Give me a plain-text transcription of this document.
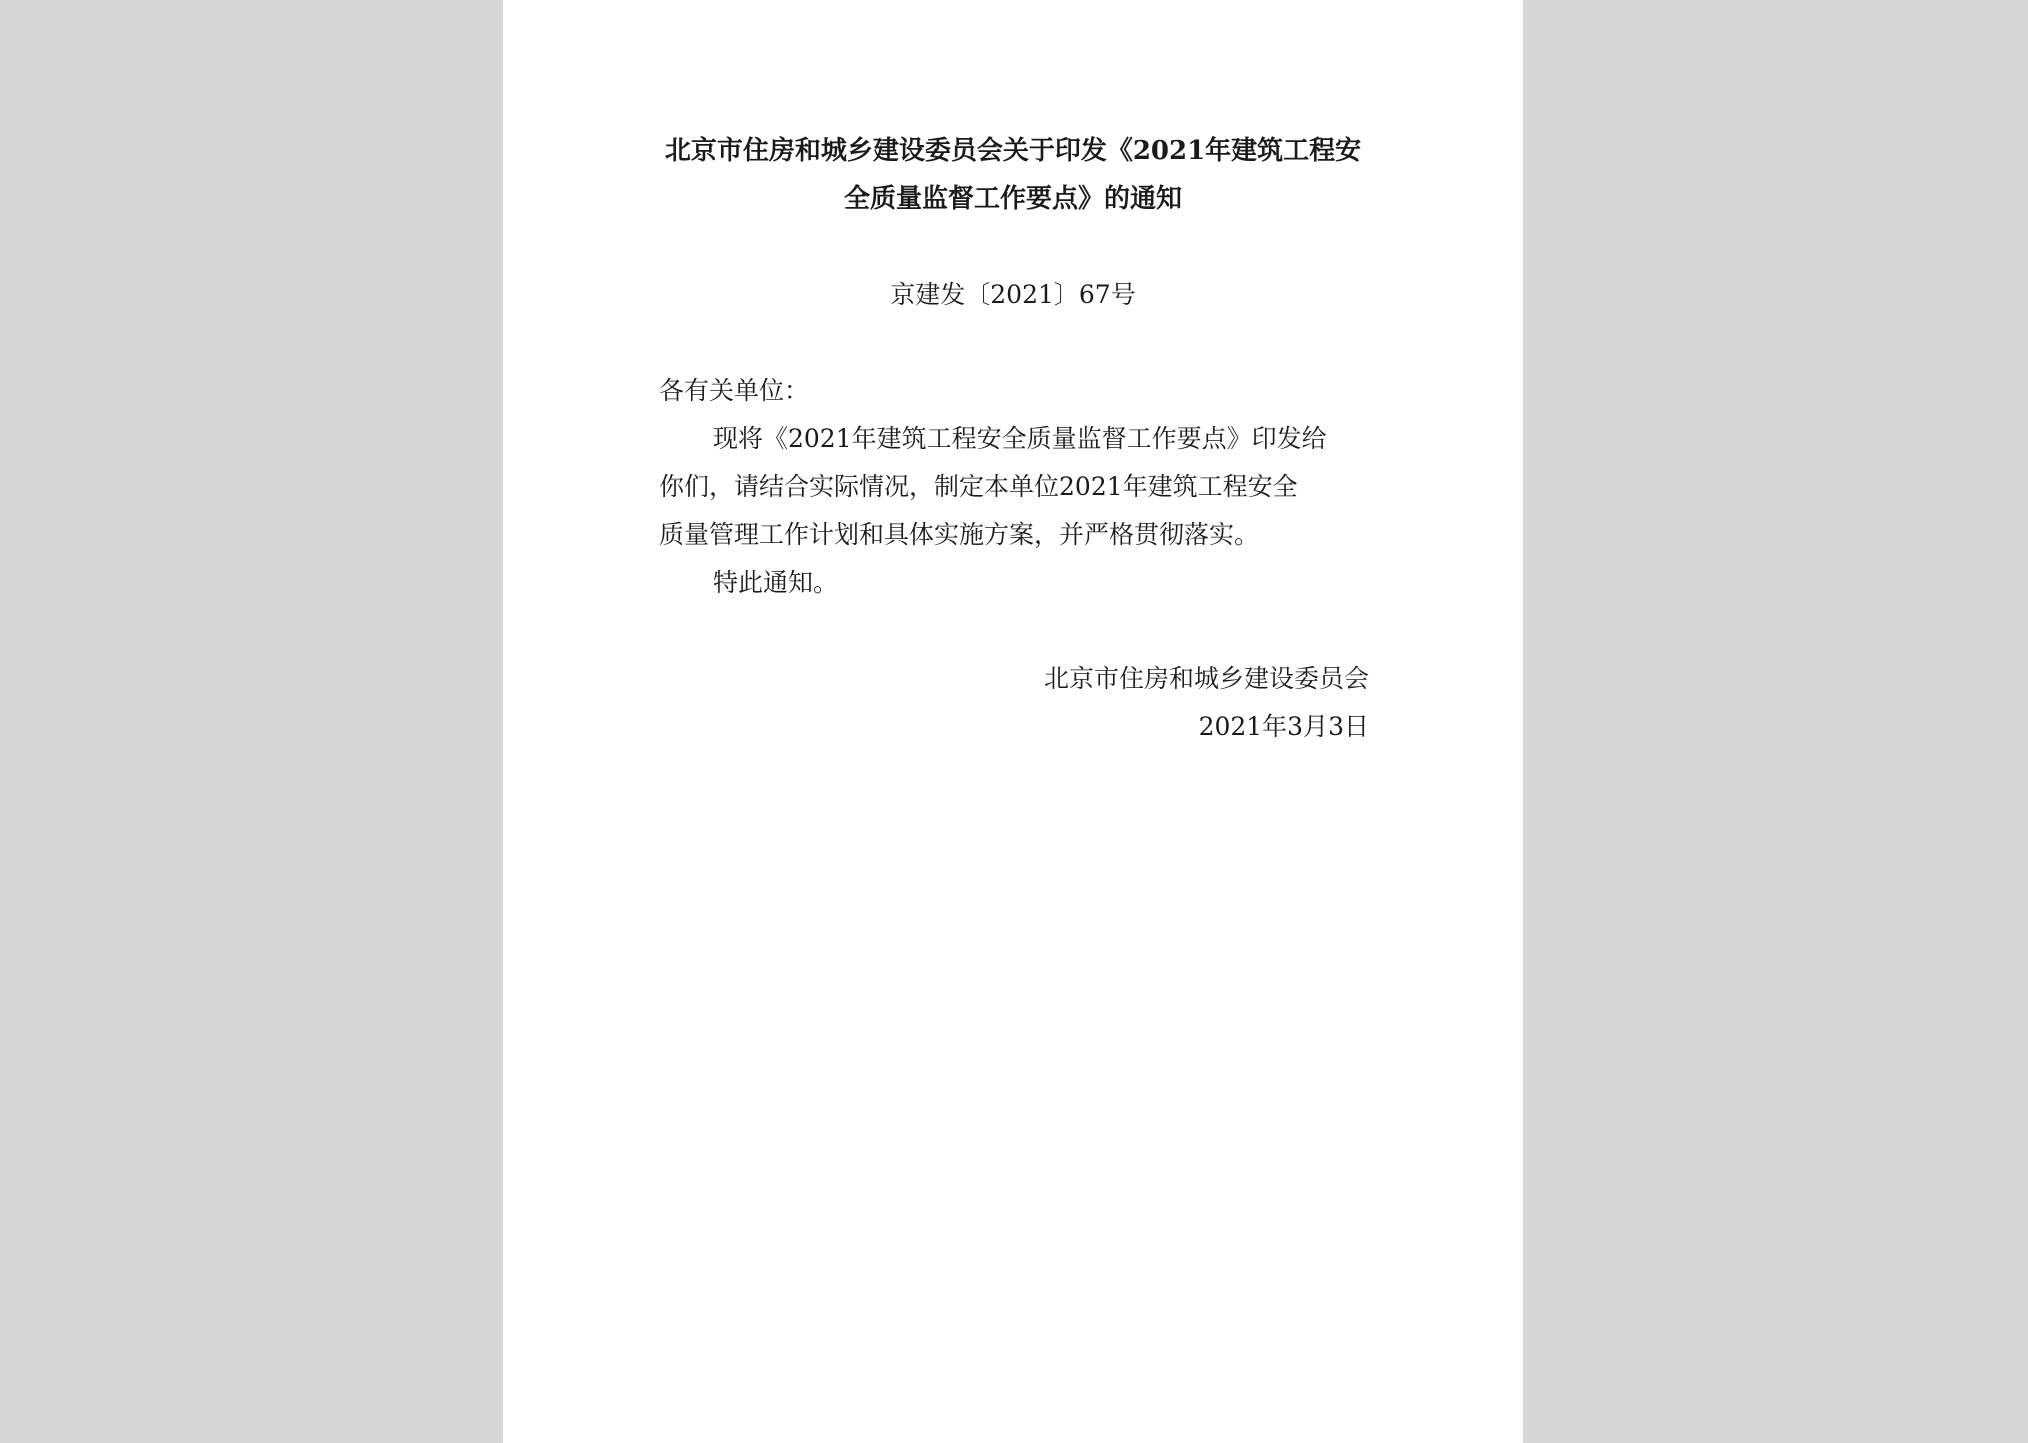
北京市住房和城乡建设委员会关于印发《2021年建筑工程安
全质量监督工作要点》的通知
京建发〔2021〕67号
各有关单位：
现将《2021年建筑工程安全质量监督工作要点》印发给
你们，请结合实际情况，制定本单位2021年建筑工程安全
质量管理工作计划和具体实施方案，并严格贯彻落实。
特此通知。
北京市住房和城乡建设委员会
2021年3月3日
